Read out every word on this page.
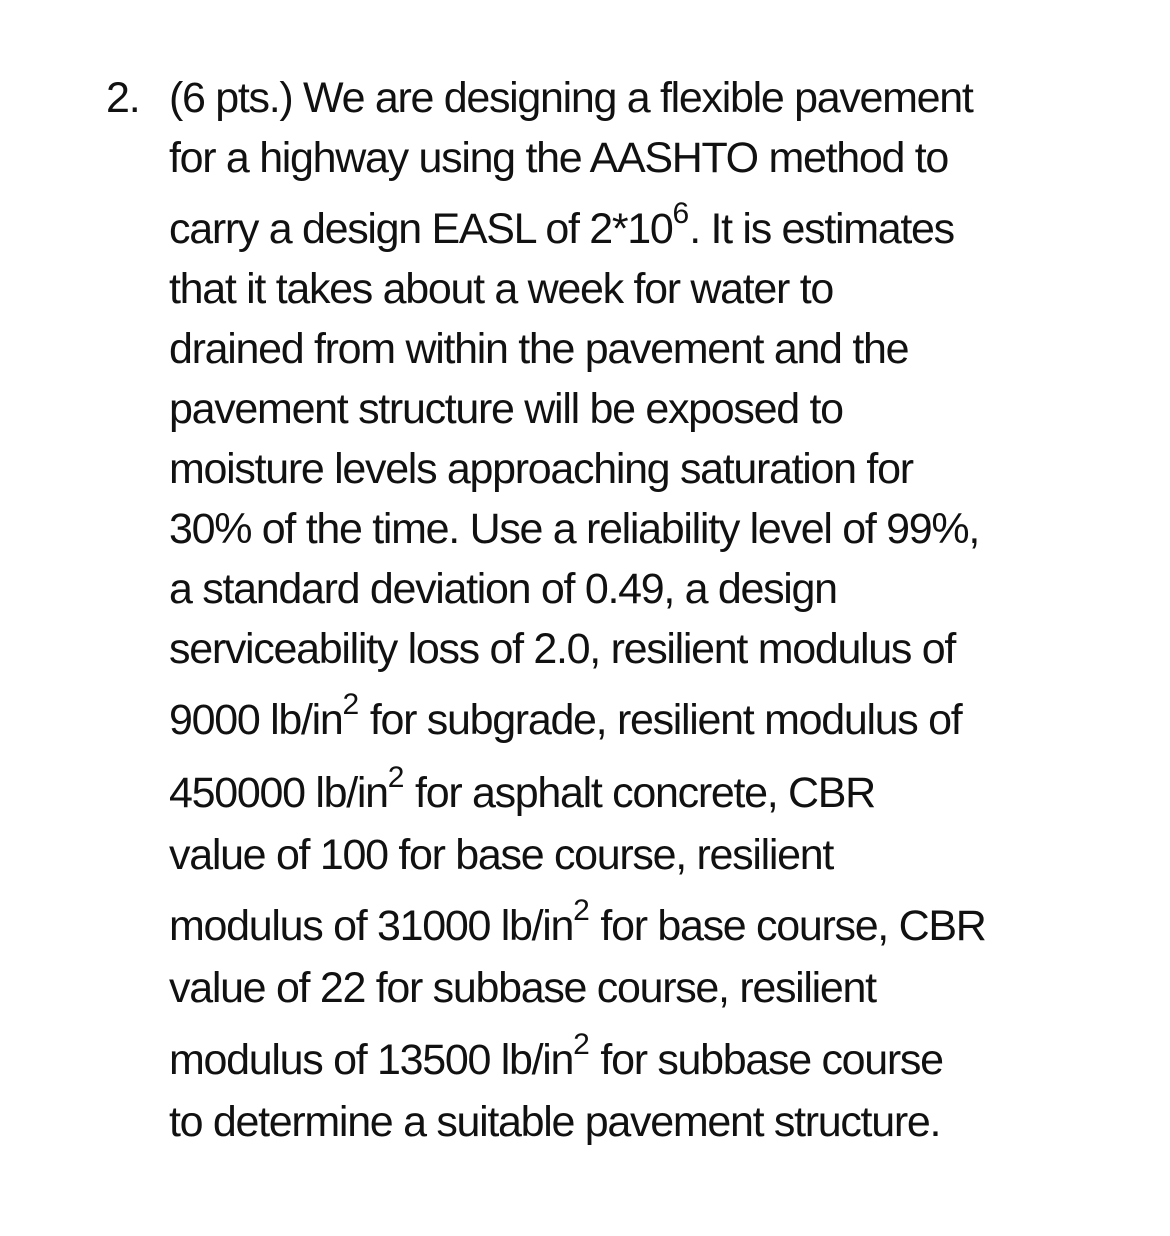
2. (6 pts.) We are designing a flexible pavement
for a highway using the AASHTO method to
carry a design EASL of $2*10^6$. It is estimates
that it takes about a week for water to
drained from within the pavement and the
pavement structure will be exposed to
moisture levels approaching saturation for
30% of the time. Use a reliability level of 99%,
a standard deviation of 0.49, a design
serviceability loss of 2.0, resilient modulus of
9000 $lb/in^2$ for subgrade, resilient modulus of
450000 $lb/in^2$ for asphalt concrete, CBR
value of 100 for base course, resilient
modulus of 31000 $lb/in^2$ for base course, CBR
value of 22 for subbase course, resilient
modulus of 13500 $lb/in^2$ for subbase course
to determine a suitable pavement structure.
